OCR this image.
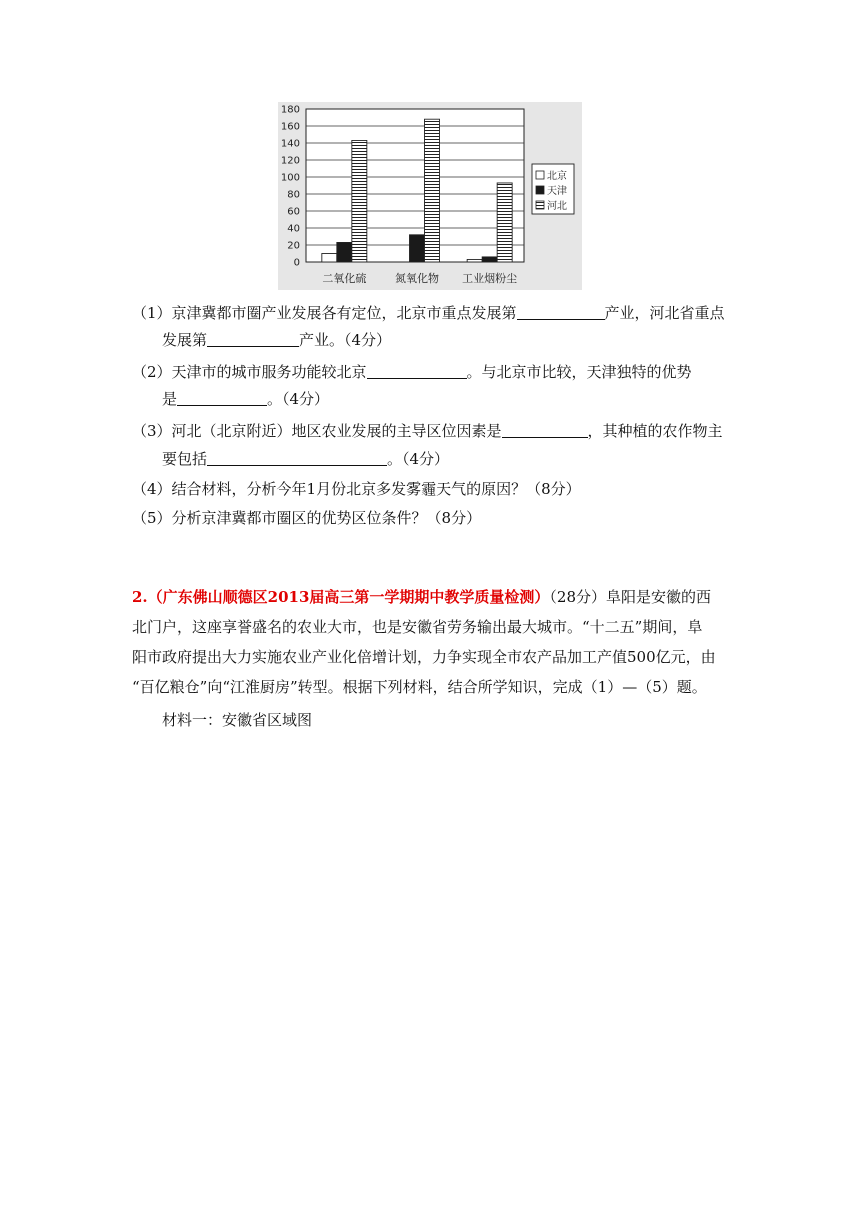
0
20
40
60
80
100
120
140
160
180
二氧化硫	氮氧化物 工业烟粉尘
北京
天津
河北
（1）京津冀都市圈产业发展各有定位，北京市重点发展第	产业，河北省重点
发展第	产业。（4分）
（2）天津市的城市服务功能较北京	。与北京市比较，天津独特的优势
是	。（4分）
（3）河北（北京附近）地区农业发展的主导区位因素是	，其种植的农作物主
要包括	。（4分）
（4）结合材料，分析今年1月份北京多发雾霾天气的原因？（8分）
（5）分析京津冀都市圈区的优势区位条件？（8分）
2.（广东佛山顺德区2013届高三第一学期期中教学质量检测）（28分）阜阳是安徽的西
北门户，这座享誉盛名的农业大市，也是安徽省劳务输出最大城市。“十二五”期间，阜
阳市政府提出大力实施农业产业化倍增计划，力争实现全市农产品加工产值500亿元，由
“百亿粮仓”向“江淮厨房”转型。根据下列材料，结合所学知识，完成（1）—（5）题。
材料一：安徽省区域图
